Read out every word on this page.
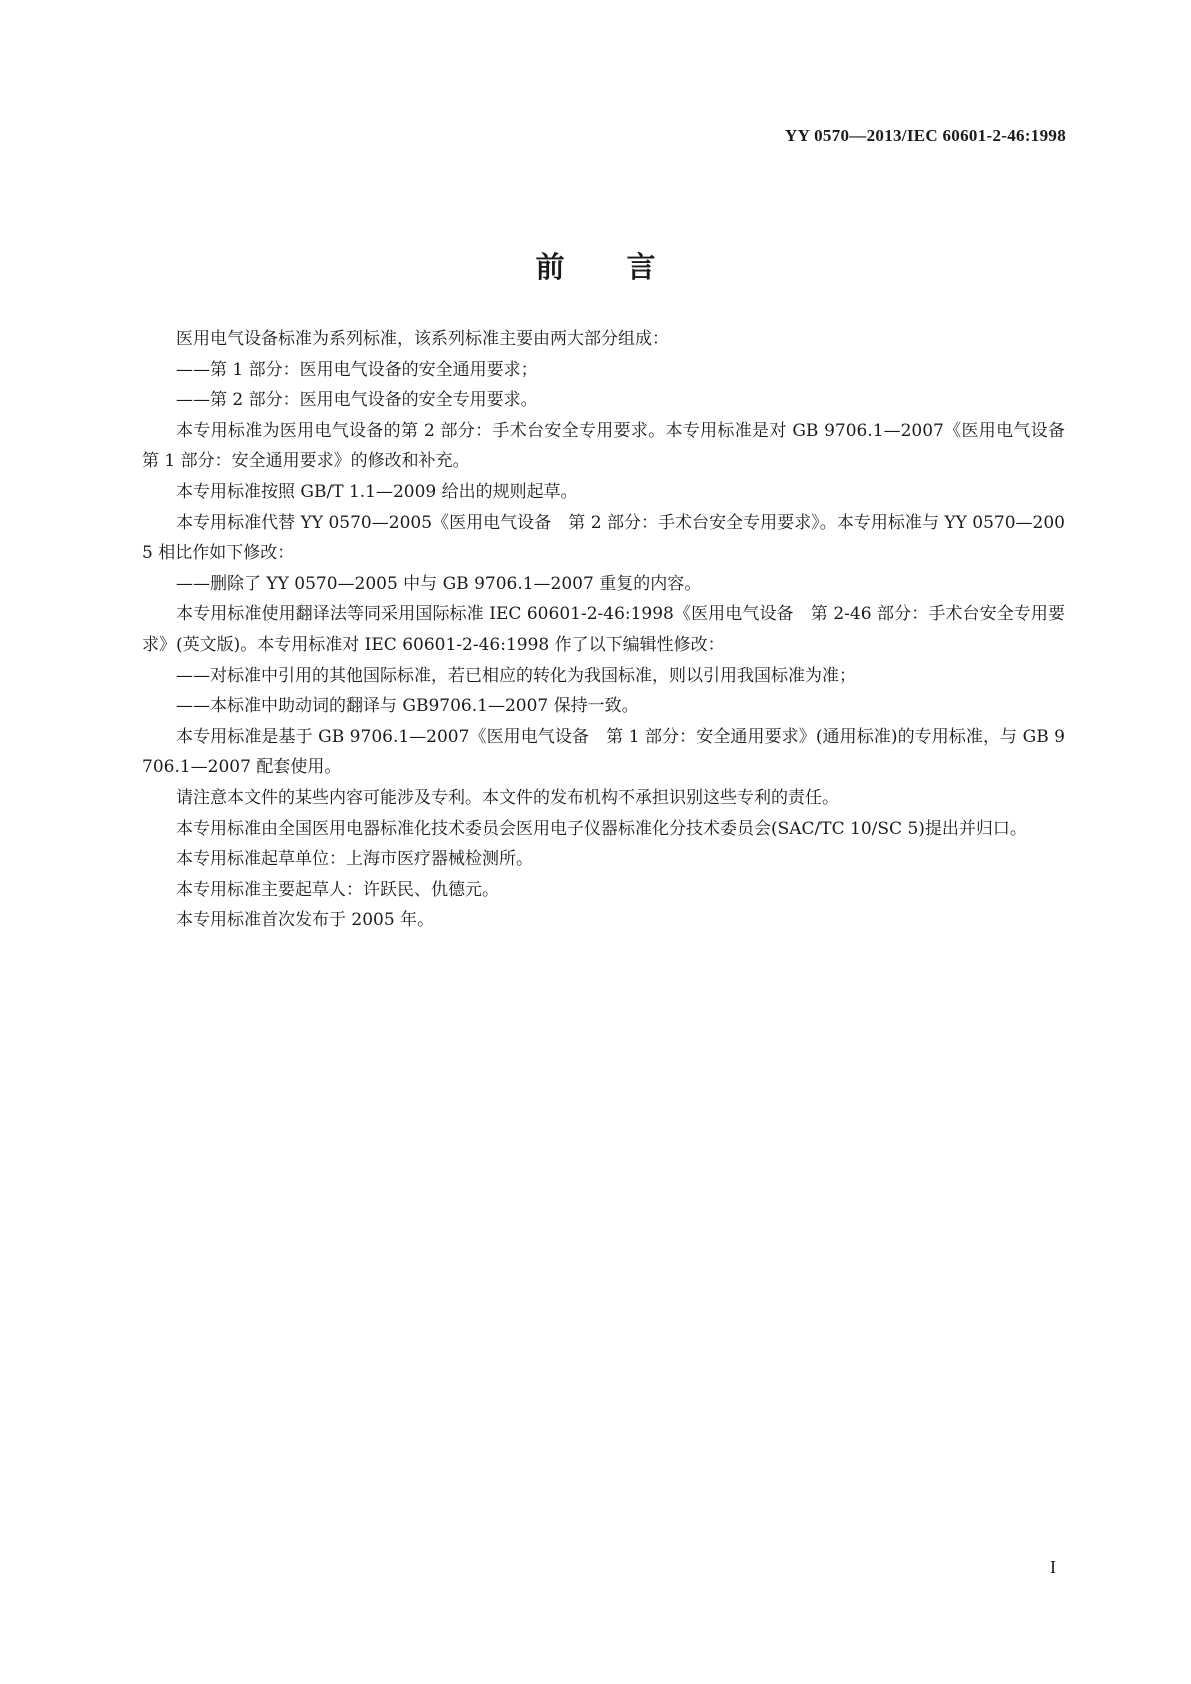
YY 0570—2013/IEC 60601-2-46:1998
前言

医用电气设备标准为系列标准，该系列标准主要由两大部分组成：

——第 1 部分：医用电气设备的安全通用要求；

——第 2 部分：医用电气设备的安全专用要求。

本专用标准为医用电气设备的第 2 部分：手术台安全专用要求。本专用标准是对 GB 9706.1—2007《医用电气设备　第 1 部分：安全通用要求》的修改和补充。

本专用标准按照 GB/T 1.1—2009 给出的规则起草。

本专用标准代替 YY 0570—2005《医用电气设备　第 2 部分：手术台安全专用要求》。本专用标准与 YY 0570—2005 相比作如下修改：

——删除了 YY 0570—2005 中与 GB 9706.1—2007 重复的内容。

本专用标准使用翻译法等同采用国际标准 IEC 60601-2-46:1998《医用电气设备　第 2-46 部分：手术台安全专用要求》(英文版)。本专用标准对 IEC 60601-2-46:1998 作了以下编辑性修改：

——对标准中引用的其他国际标准，若已相应的转化为我国标准，则以引用我国标准为准；

——本标准中助动词的翻译与 GB9706.1—2007 保持一致。

本专用标准是基于 GB 9706.1—2007《医用电气设备　第 1 部分：安全通用要求》(通用标准)的专用标准，与 GB 9706.1—2007 配套使用。

请注意本文件的某些内容可能涉及专利。本文件的发布机构不承担识别这些专利的责任。

本专用标准由全国医用电器标准化技术委员会医用电子仪器标准化分技术委员会(SAC/TC 10/SC 5)提出并归口。

本专用标准起草单位：上海市医疗器械检测所。

本专用标准主要起草人：许跃民、仇德元。

本专用标准首次发布于 2005 年。

I
